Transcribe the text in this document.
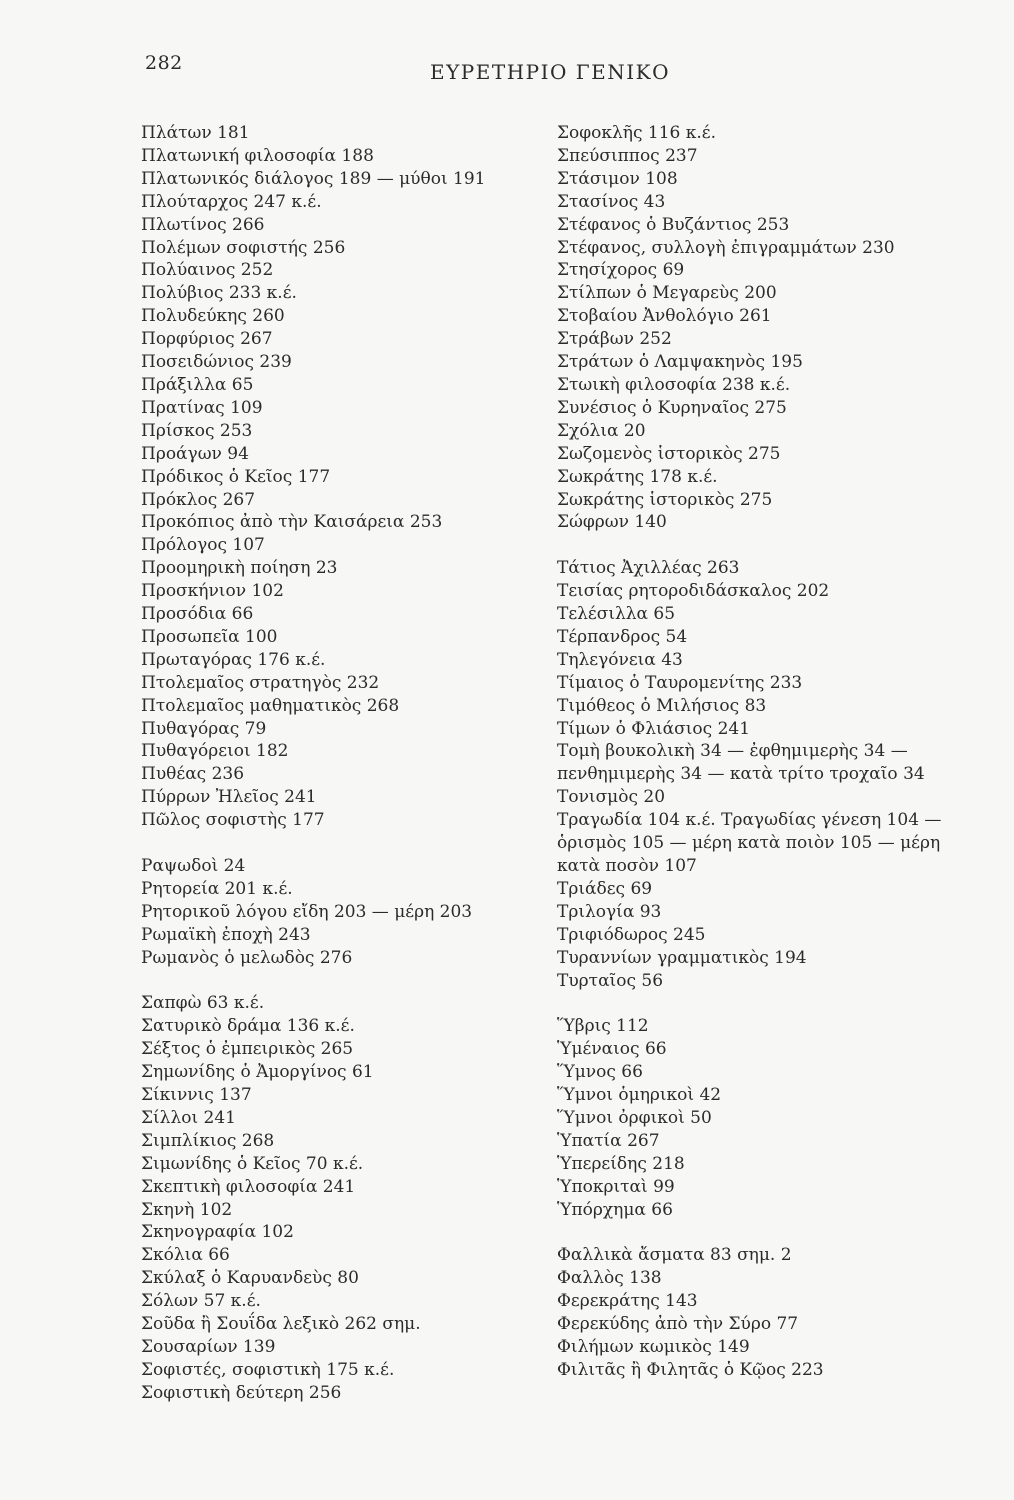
282	ΕΥΡΕΤΗΡΙΟ ΓΕΝΙΚΟ
Πλάτων 181
Πλατωνική φιλοσοφία 188
Πλατωνικός διάλογος 189 — μύθοι 191
Πλούταρχος 247 κ.έ.
Πλωτίνος 266
Πολέμων σοφιστής 256
Πολύαινος 252
Πολύβιος 233 κ.έ.
Πολυδεύκης 260
Πορφύριος 267
Ποσειδώνιος 239
Πράξιλλα 65
Πρατίνας 109
Πρίσκος 253
Προάγων 94
Πρόδικος ὁ Κεῖος 177
Πρόκλος 267
Προκόπιος ἀπὸ τὴν Καισάρεια 253
Πρόλογος 107
Προομηρικὴ ποίηση 23
Προσκήνιον 102
Προσόδια 66
Προσωπεῖα 100
Πρωταγόρας 176 κ.έ.
Πτολεμαῖος στρατηγὸς 232
Πτολεμαῖος μαθηματικὸς 268
Πυθαγόρας 79
Πυθαγόρειοι 182
Πυθέας 236
Πύρρων Ἠλεῖος 241
Πῶλος σοφιστὴς 177
Ραψωδοὶ 24
Ρητορεία 201 κ.έ.
Ρητορικοῦ λόγου εἴδη 203 — μέρη 203
Ρωμαϊκὴ ἐποχὴ 243
Ρωμανὸς ὁ μελωδὸς 276
Σαπφὼ 63 κ.έ.
Σατυρικὸ δράμα 136 κ.έ.
Σέξτος ὁ ἐμπειρικὸς 265
Σημωνίδης ὁ Ἀμοργίνος 61
Σίκιννις 137
Σίλλοι 241
Σιμπλίκιος 268
Σιμωνίδης ὁ Κεῖος 70 κ.έ.
Σκεπτικὴ φιλοσοφία 241
Σκηνὴ 102
Σκηνογραφία 102
Σκόλια 66
Σκύλαξ ὁ Καρυανδεὺς 80
Σόλων 57 κ.έ.
Σοῦδα ἢ Σουΐδα λεξικὸ 262 σημ.
Σουσαρίων 139
Σοφιστές, σοφιστικὴ 175 κ.έ.
Σοφιστικὴ δεύτερη 256
Σοφοκλῆς 116 κ.έ.
Σπεύσιππος 237
Στάσιμον 108
Στασίνος 43
Στέφανος ὁ Βυζάντιος 253
Στέφανος, συλλογὴ ἐπιγραμμάτων 230
Στησίχορος 69
Στίλπων ὁ Μεγαρεὺς 200
Στοβαίου Ἀνθολόγιο 261
Στράβων 252
Στράτων ὁ Λαμψακηνὸς 195
Στωικὴ φιλοσοφία 238 κ.έ.
Συνέσιος ὁ Κυρηναῖος 275
Σχόλια 20
Σωζομενὸς ἱστορικὸς 275
Σωκράτης 178 κ.έ.
Σωκράτης ἱστορικὸς 275
Σώφρων 140
Τάτιος Ἀχιλλέας 263
Τεισίας ρητοροδιδάσκαλος 202
Τελέσιλλα 65
Τέρπανδρος 54
Τηλεγόνεια 43
Τίμαιος ὁ Ταυρομενίτης 233
Τιμόθεος ὁ Μιλήσιος 83
Τίμων ὁ Φλιάσιος 241
Τομὴ βουκολικὴ 34 — ἐφθημιμερὴς 34 — πενθημιμερὴς 34 — κατὰ τρίτο τροχαῖο 34
Τονισμὸς 20
Τραγωδία 104 κ.έ. Τραγωδίας γένεση 104 — ὁρισμὸς 105 — μέρη κατὰ ποιὸν 105 — μέρη κατὰ ποσὸν 107
Τριάδες 69
Τριλογία 93
Τριφιόδωρος 245
Τυραννίων γραμματικὸς 194
Τυρταῖος 56
Ὕβρις 112
Ὑμέναιος 66
Ὕμνος 66
Ὕμνοι ὁμηρικοὶ 42
Ὕμνοι ὀρφικοὶ 50
Ὑπατία 267
Ὑπερείδης 218
Ὑποκριταὶ 99
Ὑπόρχημα 66
Φαλλικὰ ἄσματα 83 σημ. 2
Φαλλὸς 138
Φερεκράτης 143
Φερεκύδης ἀπὸ τὴν Σύρο 77
Φιλήμων κωμικὸς 149
Φιλιτᾶς ἢ Φιλητᾶς ὁ Κῷος 223
